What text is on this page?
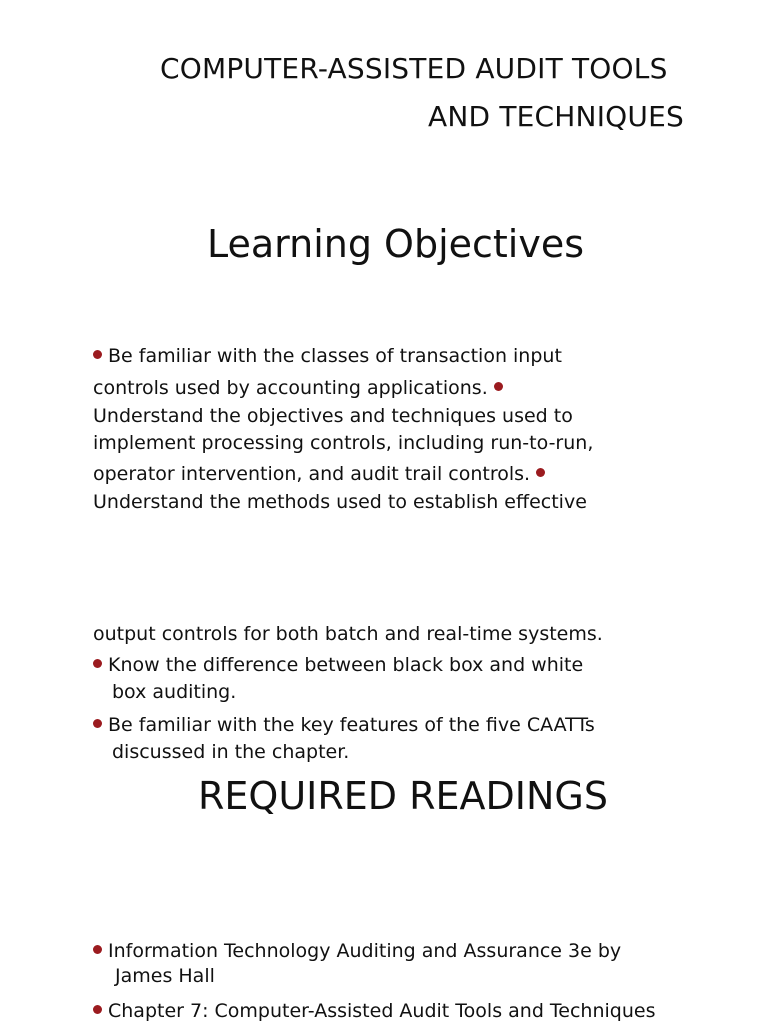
COMPUTER-ASSISTED AUDIT TOOLS
AND TECHNIQUES
Learning Objectives
Be familiar with the classes of transaction input
controls used by accounting applications.
Understand the objectives and techniques used to
implement processing controls, including run-to-run,
operator intervention, and audit trail controls.
Understand the methods used to establish effective
output controls for both batch and real-time systems.
Know the difference between black box and white
box auditing.
Be familiar with the key features of the five CAATTs
discussed in the chapter.
REQUIRED READINGS
Information Technology Auditing and Assurance 3e by
James Hall
Chapter 7: Computer-Assisted Audit Tools and Techniques
